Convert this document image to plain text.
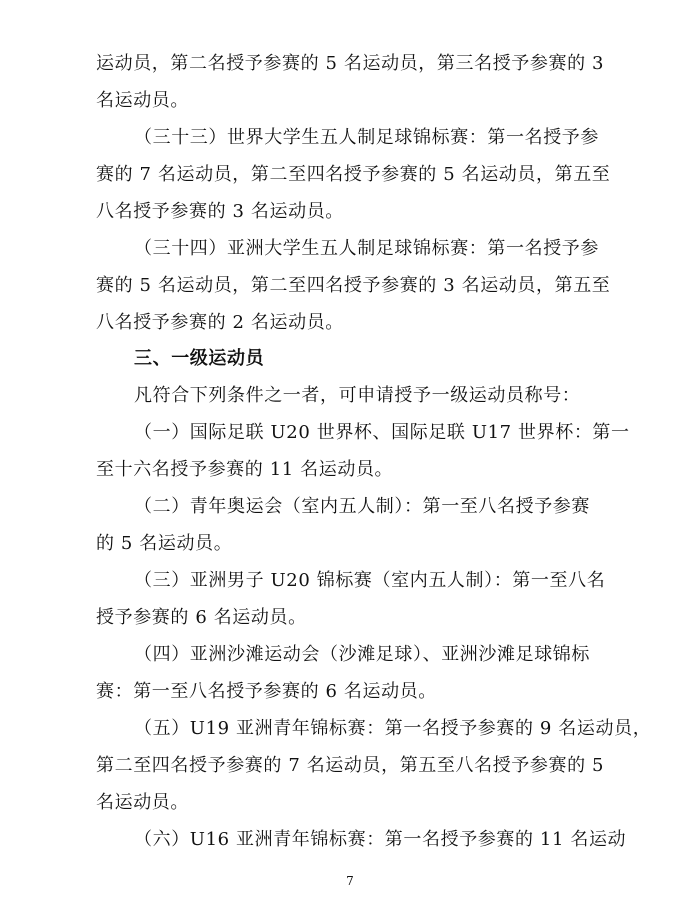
运动员，第二名授予参赛的 5 名运动员，第三名授予参赛的 3
名运动员。
（三十三）世界大学生五人制足球锦标赛：第一名授予参
赛的 7 名运动员，第二至四名授予参赛的 5 名运动员，第五至
八名授予参赛的 3 名运动员。
（三十四）亚洲大学生五人制足球锦标赛：第一名授予参
赛的 5 名运动员，第二至四名授予参赛的 3 名运动员，第五至
八名授予参赛的 2 名运动员。
三、一级运动员
凡符合下列条件之一者，可申请授予一级运动员称号：
（一）国际足联 U20 世界杯、国际足联 U17 世界杯：第一
至十六名授予参赛的 11 名运动员。
（二）青年奥运会（室内五人制）：第一至八名授予参赛
的 5 名运动员。
（三）亚洲男子 U20 锦标赛（室内五人制）：第一至八名
授予参赛的 6 名运动员。
（四）亚洲沙滩运动会（沙滩足球）、亚洲沙滩足球锦标
赛：第一至八名授予参赛的 6 名运动员。
（五）U19 亚洲青年锦标赛：第一名授予参赛的 9 名运动员，
第二至四名授予参赛的 7 名运动员，第五至八名授予参赛的 5
名运动员。
（六）U16 亚洲青年锦标赛：第一名授予参赛的 11 名运动
7
